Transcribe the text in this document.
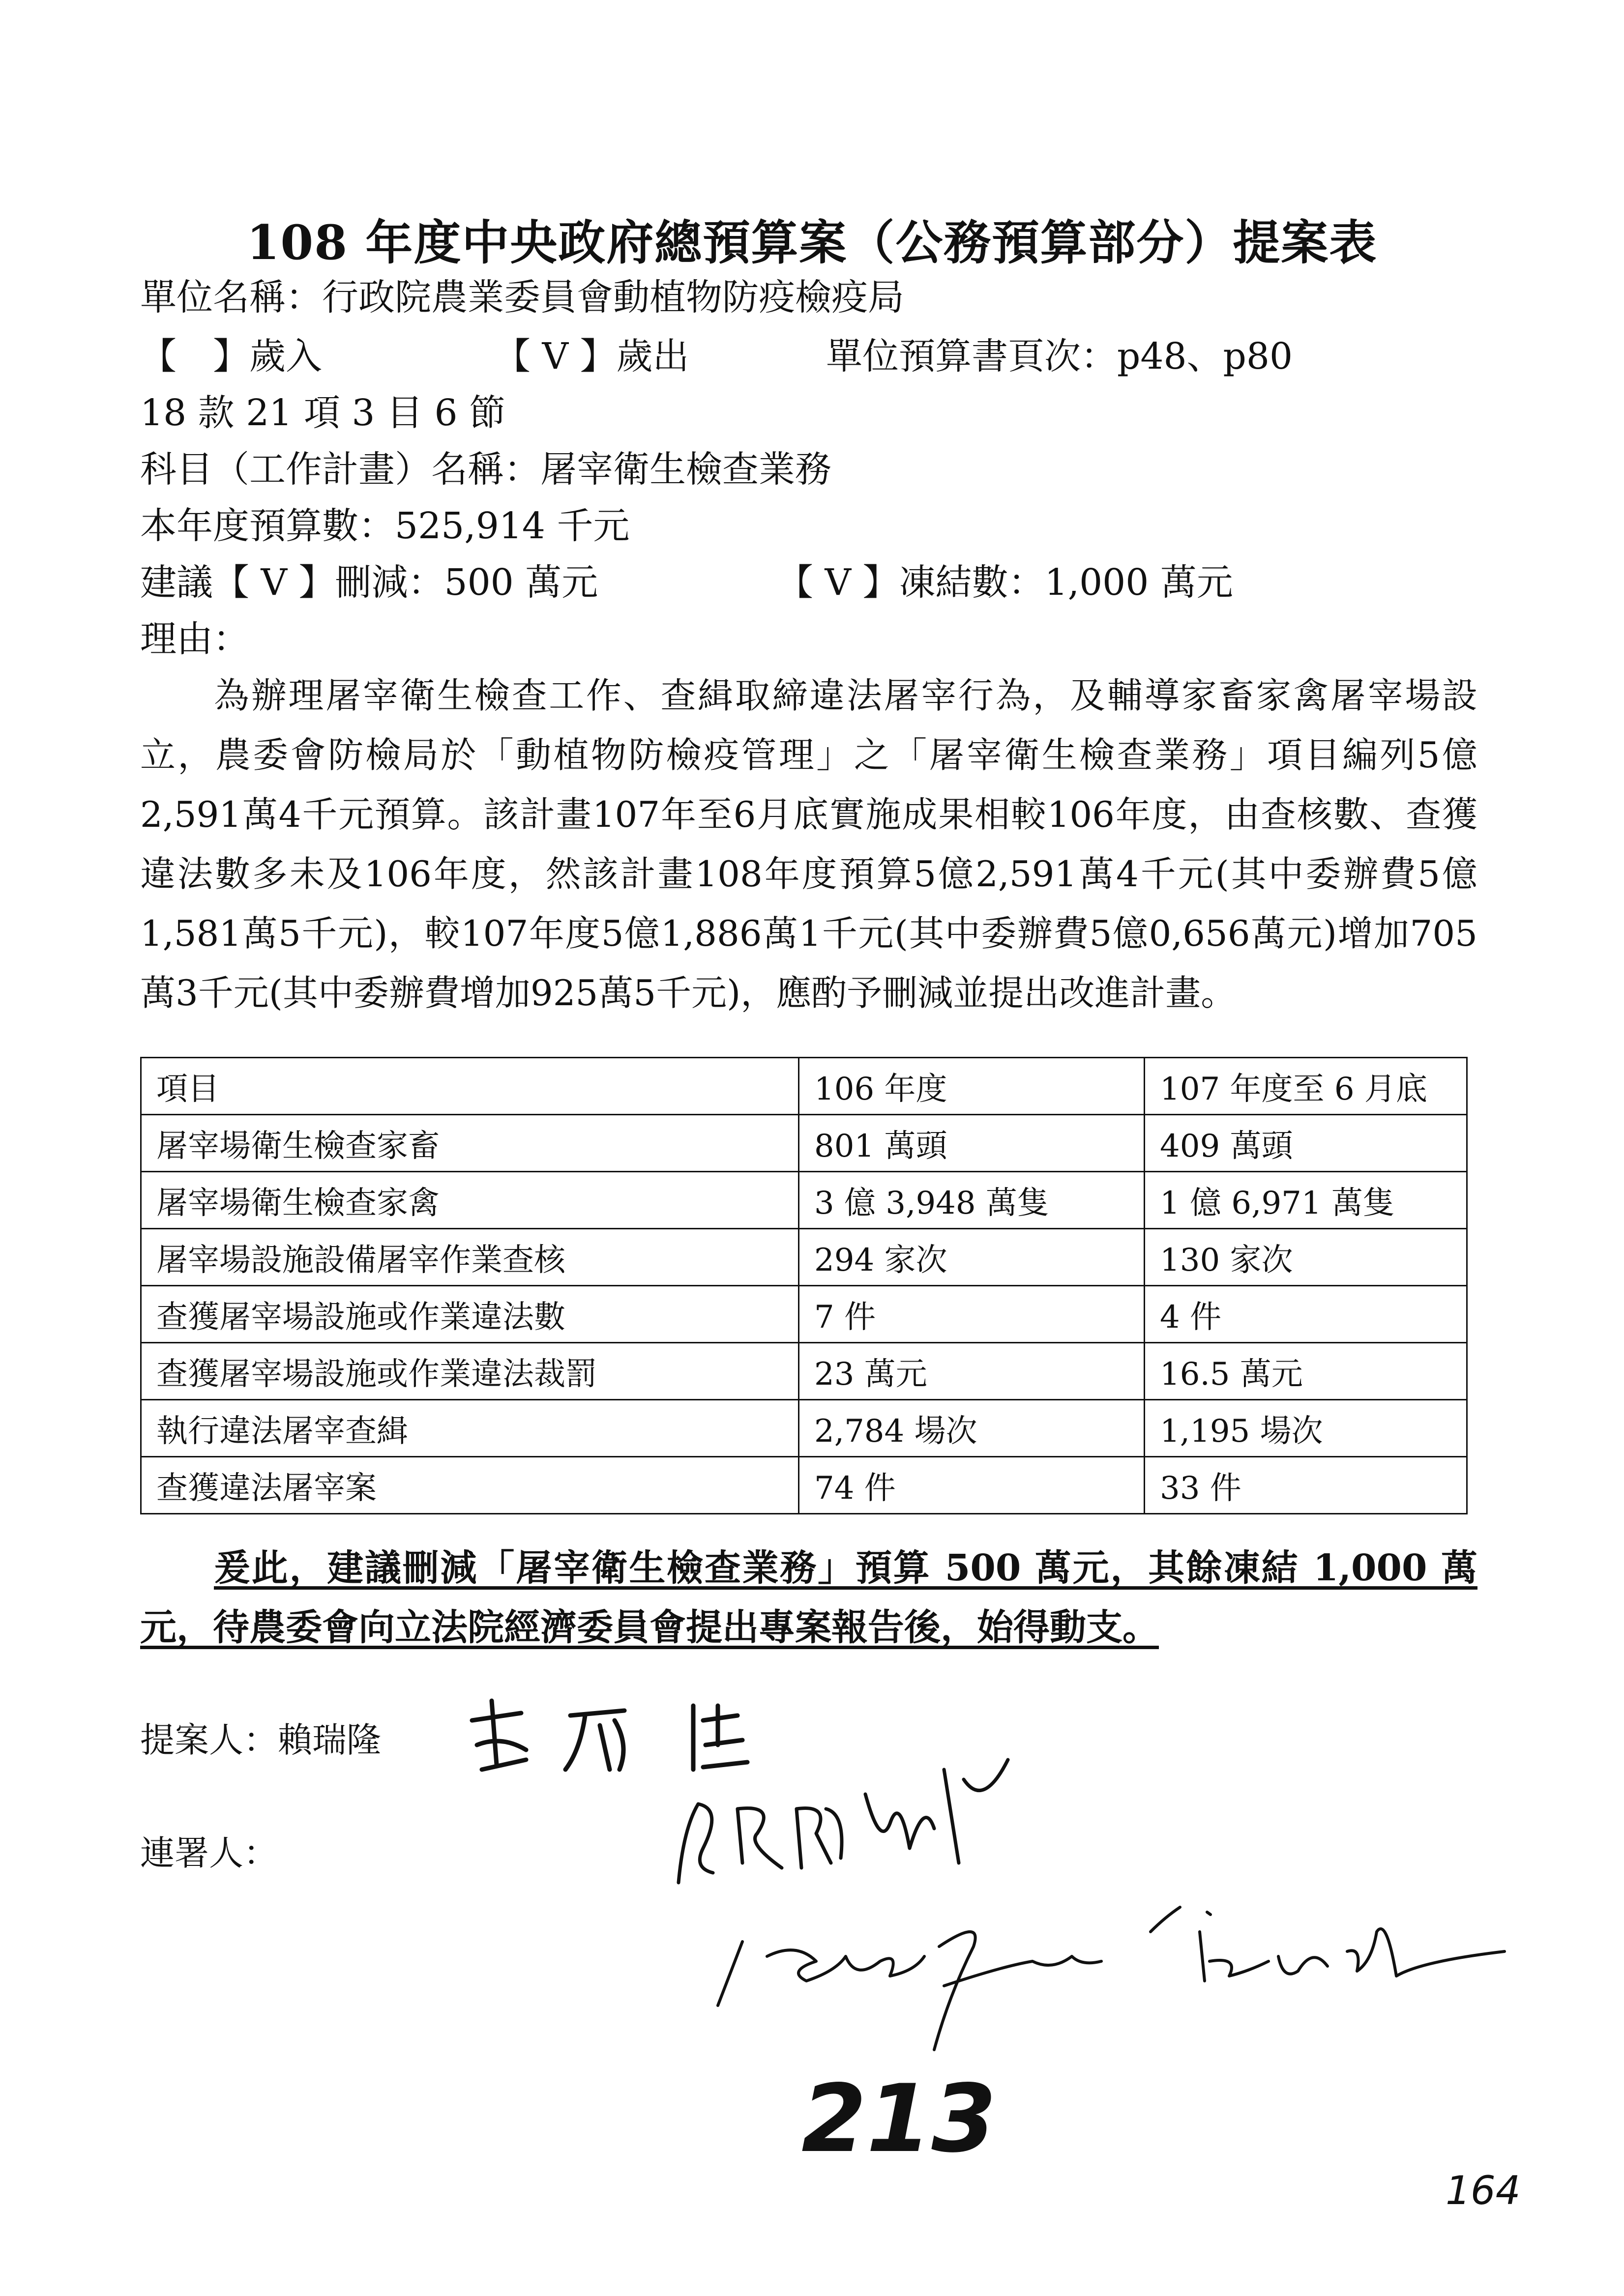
108 年度中央政府總預算案（公務預算部分）提案表
單位名稱：行政院農業委員會動植物防疫檢疫局
【　】歲入	【 V 】歲出	單位預算書頁次：p48、p80
18 款 21 項 3 目 6 節
科目（工作計畫）名稱：屠宰衛生檢查業務
本年度預算數：525,914 千元
建議【 V 】刪減：500 萬元	【 V 】凍結數：1,000 萬元
理由：
為辦理屠宰衛生檢查工作、查緝取締違法屠宰行為，及輔導家畜家禽屠宰場設立，農委會防檢局於「動植物防檢疫管理」之「屠宰衛生檢查業務」項目編列5億2,591萬4千元預算。該計畫107年至6月底實施成果相較106年度，由查核數、查獲違法數多未及106年度，然該計畫108年度預算5億2,591萬4千元(其中委辦費5億1,581萬5千元)，較107年度5億1,886萬1千元(其中委辦費5億0,656萬元)增加705萬3千元(其中委辦費增加925萬5千元)，應酌予刪減並提出改進計畫。
項目	106 年度	107 年度至 6 月底
屠宰場衛生檢查家畜	801 萬頭	409 萬頭
屠宰場衛生檢查家禽	3 億 3,948 萬隻	1 億 6,971 萬隻
屠宰場設施設備屠宰作業查核	294 家次	130 家次
查獲屠宰場設施或作業違法數	7 件	4 件
查獲屠宰場設施或作業違法裁罰	23 萬元	16.5 萬元
執行違法屠宰查緝	2,784 場次	1,195 場次
查獲違法屠宰案	74 件	33 件
爰此，建議刪減「屠宰衛生檢查業務」預算 500 萬元，其餘凍結 1,000 萬元，待農委會向立法院經濟委員會提出專案報告後，始得動支。
提案人：賴瑞隆
連署人：
213
164
